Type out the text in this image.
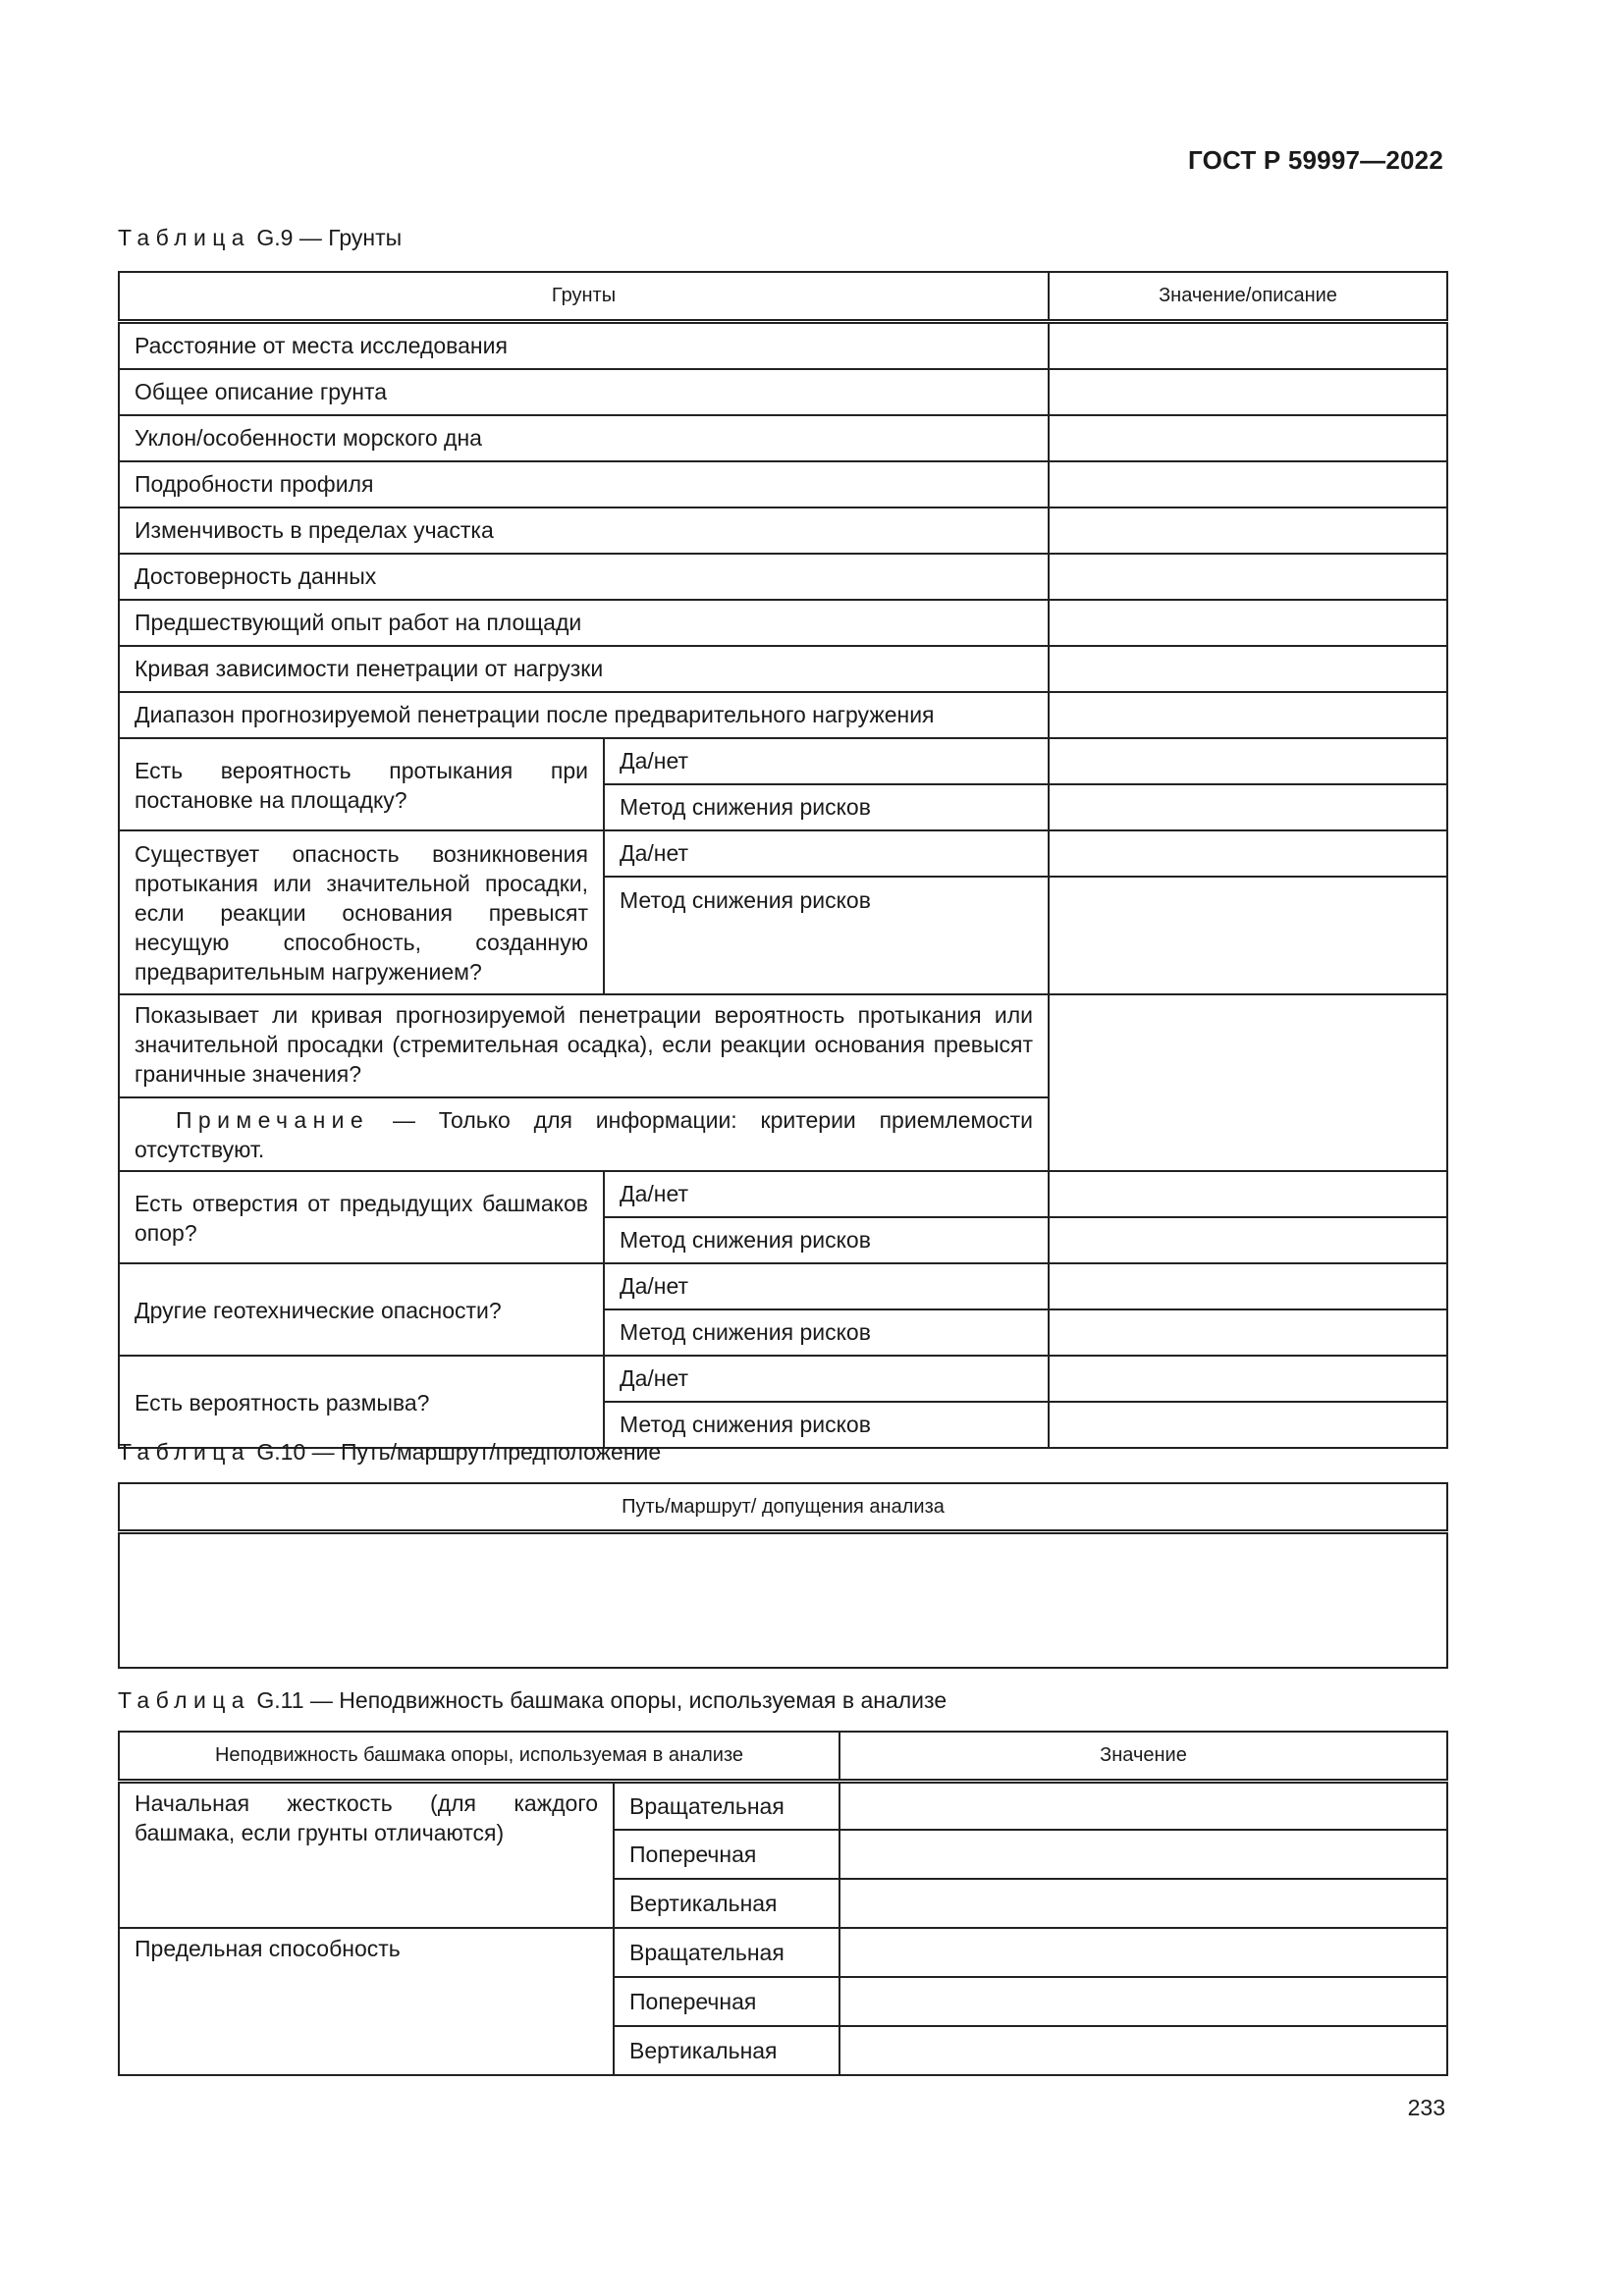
ГОСТ Р 59997—2022
Таблица G.9 — Грунты
Грунты		Значение/описание
Расстояние от места исследования		
Общее описание грунта		
Уклон/особенности морского дна		
Подробности профиля		
Изменчивость в пределах участка		
Достоверность данных		
Предшествующий опыт работ на площади		
Кривая зависимости пенетрации от нагрузки		
Диапазон прогнозируемой пенетрации после предварительного нагружения		
Есть вероятность протыкания при постановке на площадку?	Да/нет	
	Метод снижения рисков	
Существует опасность возникновения протыкания или значительной просадки, если реакции основания превысят несущую способность, созданную предварительным нагружением?	Да/нет	
	Метод снижения рисков	
Показывает ли кривая прогнозируемой пенетрации вероятность протыкания или значительной просадки (стремительная осадка), если реакции основания превысят граничные значения?		
Примечание — Только для информации: критерии приемлемости отсутствуют.		
Есть отверстия от предыдущих башмаков опор?	Да/нет	
	Метод снижения рисков	
Другие геотехнические опасности?	Да/нет	
	Метод снижения рисков	
Есть вероятность размыва?	Да/нет	
	Метод снижения рисков	
Таблица G.10 — Путь/маршрут/предположение
Путь/маршрут/ допущения анализа

Таблица G.11 — Неподвижность башмака опоры, используемая в анализе
Неподвижность башмака опоры, используемая в анализе		Значение
Начальная жесткость (для каждого башмака, если грунты отличаются)	Вращательная	
	Поперечная	
	Вертикальная	
Предельная способность	Вращательная	
	Поперечная	
	Вертикальная	
233
